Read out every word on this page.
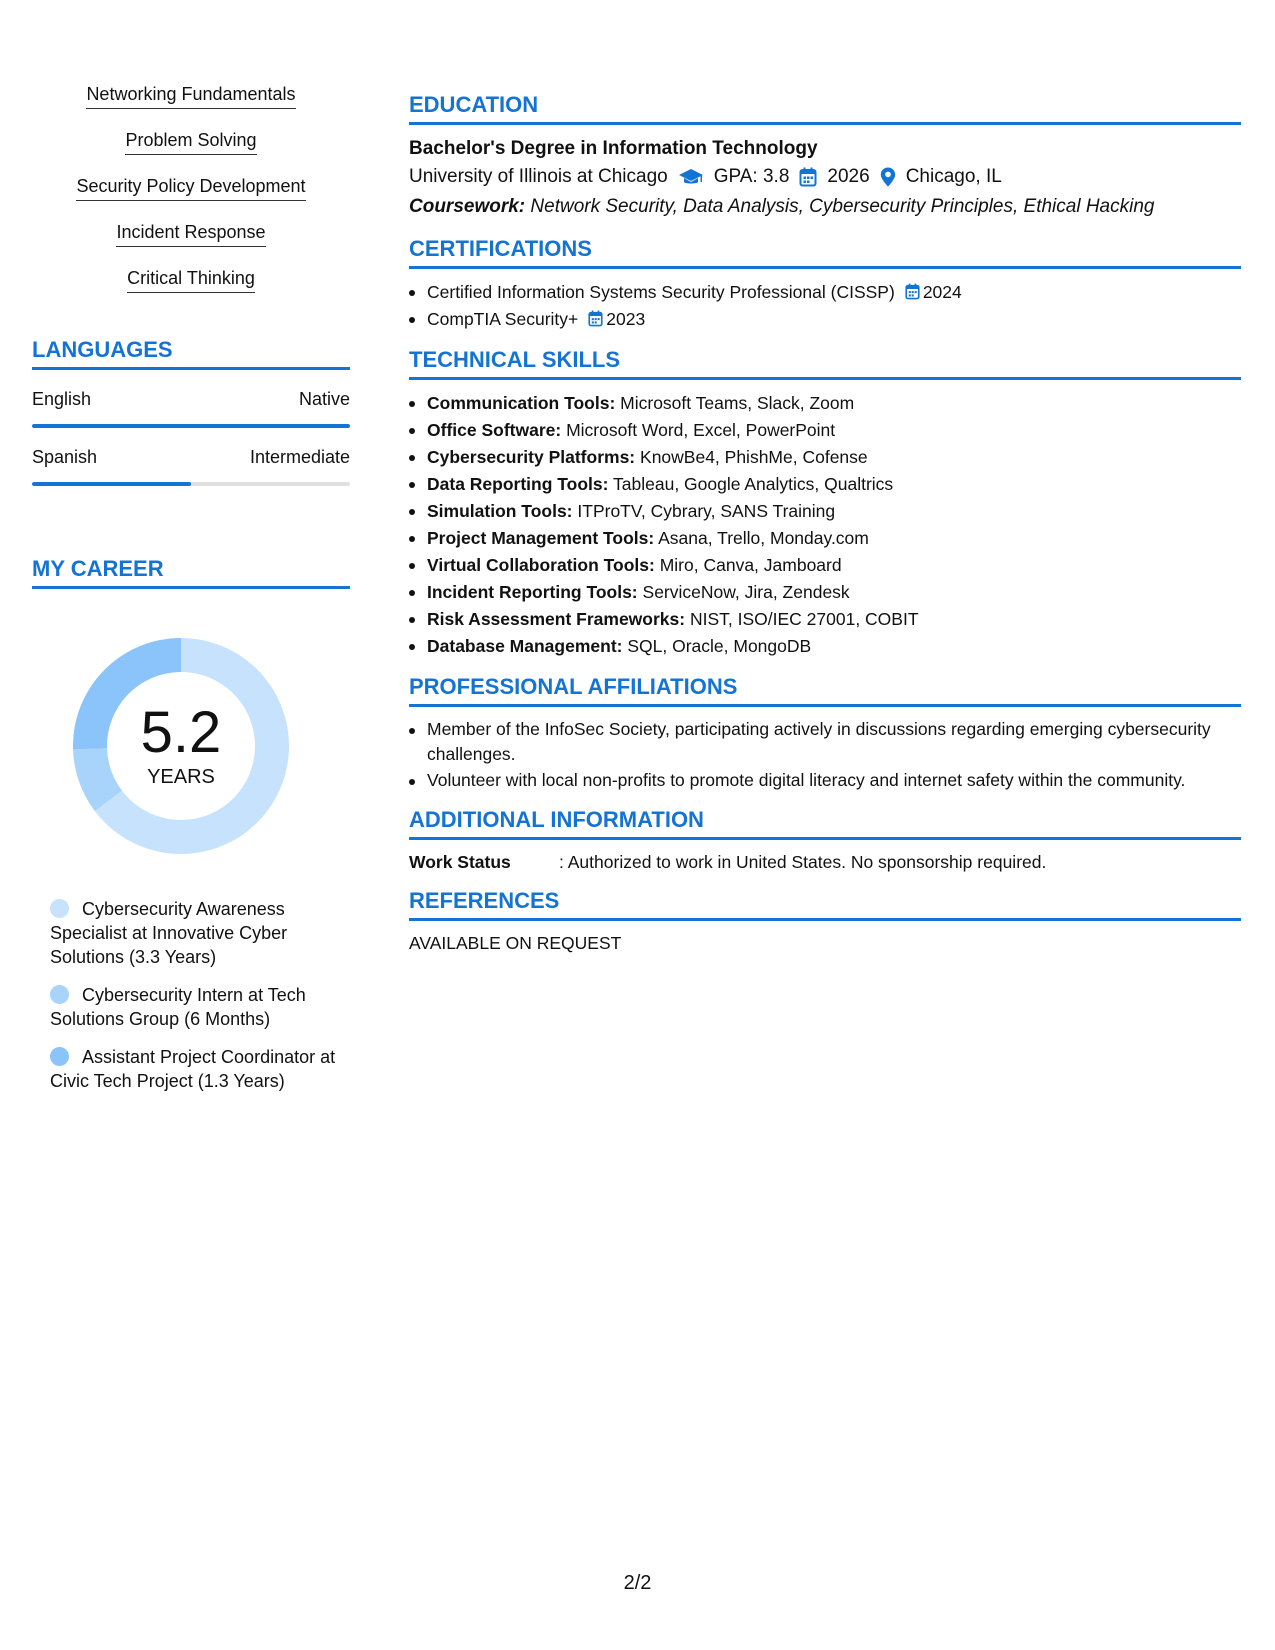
Networking Fundamentals
Problem Solving
Security Policy Development
Incident Response
Critical Thinking
LANGUAGES
English	Native
Spanish	Intermediate
MY CAREER
5.2
YEARS
Cybersecurity Awareness Specialist at Innovative Cyber Solutions (3.3 Years)
Cybersecurity Intern at Tech Solutions Group (6 Months)
Assistant Project Coordinator at Civic Tech Project (1.3 Years)
EDUCATION
Bachelor's Degree in Information Technology
University of Illinois at Chicago GPA: 3.8 2026 Chicago, IL
Coursework: Network Security, Data Analysis, Cybersecurity Principles, Ethical Hacking
CERTIFICATIONS
Certified Information Systems Security Professional (CISSP) 2024
CompTIA Security+ 2023
TECHNICAL SKILLS
Communication Tools: Microsoft Teams, Slack, Zoom
Office Software: Microsoft Word, Excel, PowerPoint
Cybersecurity Platforms: KnowBe4, PhishMe, Cofense
Data Reporting Tools: Tableau, Google Analytics, Qualtrics
Simulation Tools: ITProTV, Cybrary, SANS Training
Project Management Tools: Asana, Trello, Monday.com
Virtual Collaboration Tools: Miro, Canva, Jamboard
Incident Reporting Tools: ServiceNow, Jira, Zendesk
Risk Assessment Frameworks: NIST, ISO/IEC 27001, COBIT
Database Management: SQL, Oracle, MongoDB
PROFESSIONAL AFFILIATIONS
Member of the InfoSec Society, participating actively in discussions regarding emerging cybersecurity challenges.
Volunteer with local non-profits to promote digital literacy and internet safety within the community.
ADDITIONAL INFORMATION
Work Status	: Authorized to work in United States. No sponsorship required.
REFERENCES
AVAILABLE ON REQUEST
2/2
